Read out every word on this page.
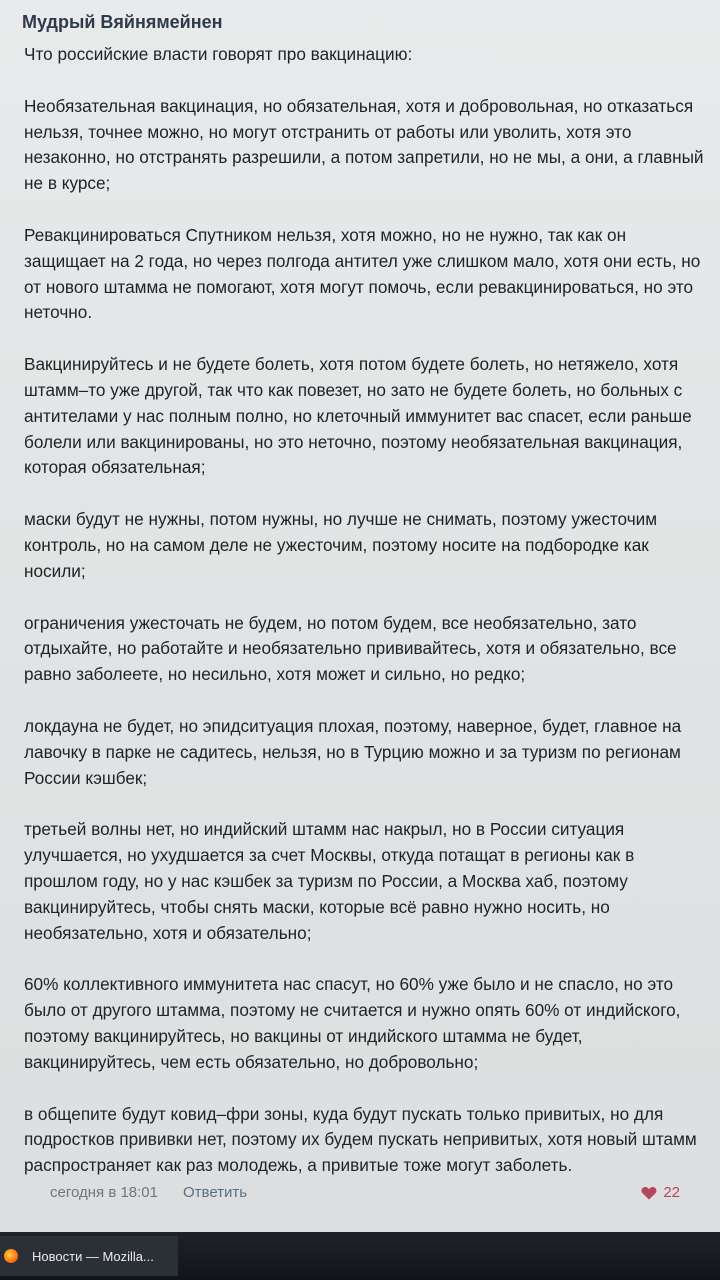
Мудрый Вяйнямейнен

Что российские власти говорят про вакцинацию:

Необязательная вакцинация, но обязательная, хотя и добровольная, но отказаться нельзя, точнее можно, но могут отстранить от работы или уволить, хотя это незаконно, но отстранять разрешили, а потом запретили, но не мы, а они, а главный не в курсе;

Ревакцинироваться Спутником нельзя, хотя можно, но не нужно, так как он защищает на 2 года, но через полгода антител уже слишком мало, хотя они есть, но от нового штамма не помогают, хотя могут помочь, если ревакцинироваться, но это неточно.

Вакцинируйтесь и не будете болеть, хотя потом будете болеть, но нетяжело, хотя штамм–то уже другой, так что как повезет, но зато не будете болеть, но больных с антителами у нас полным полно, но клеточный иммунитет вас спасет, если раньше болели или вакцинированы, но это неточно, поэтому необязательная вакцинация, которая обязательная;

маски будут не нужны, потом нужны, но лучше не снимать, поэтому ужесточим контроль, но на самом деле не ужесточим, поэтому носите на подбородке как носили;

ограничения ужесточать не будем, но потом будем, все необязательно, зато отдыхайте, но работайте и необязательно прививайтесь, хотя и обязательно, все равно заболеете, но несильно, хотя может и сильно, но редко;

локдауна не будет, но эпидситуация плохая, поэтому, наверное, будет, главное на лавочку в парке не садитесь, нельзя, но в Турцию можно и за туризм по регионам России кэшбек;

третьей волны нет, но индийский штамм нас накрыл, но в России ситуация улучшается, но ухудшается за счет Москвы, откуда потащат в регионы как в прошлом году, но у нас кэшбек за туризм по России, а Москва хаб, поэтому вакцинируйтесь, чтобы снять маски, которые всё равно нужно носить, но необязательно, хотя и обязательно;

60% коллективного иммунитета нас спасут, но 60% уже было и не спасло, но это было от другого штамма, поэтому не считается и нужно опять 60% от индийского, поэтому вакцинируйтесь, но вакцины от индийского штамма не будет, вакцинируйтесь, чем есть обязательно, но добровольно;

в общепите будут ковид–фри зоны, куда будут пускать только привитых, но для подростков прививки нет, поэтому их будем пускать непривитых, хотя новый штамм распространяет как раз молодежь, а привитые тоже могут заболеть.

сегодня в 18:01 Ответить	22
Новости — Mozilla...
